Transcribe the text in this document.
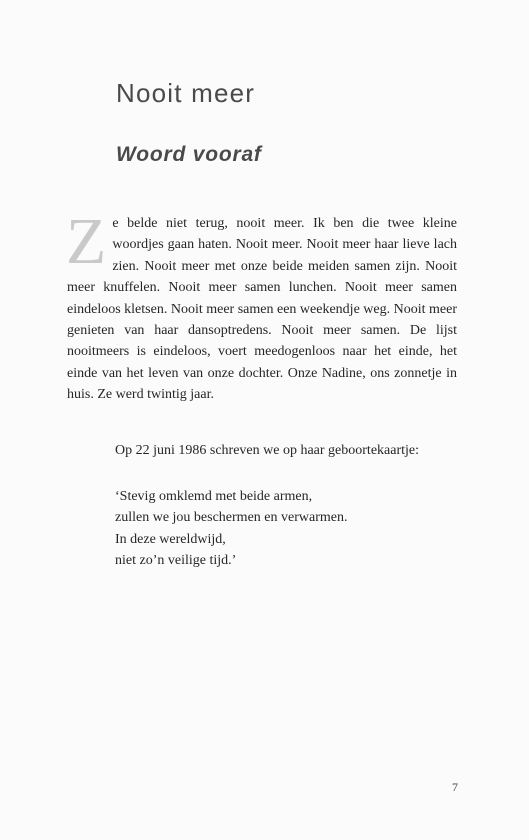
Nooit meer
Woord vooraf

Z e belde niet terug, nooit meer. Ik ben die twee kleine woordjes gaan haten. Nooit meer. Nooit meer haar lieve lach zien. Nooit meer met onze beide meiden samen zijn. Nooit meer knuffelen. Nooit meer samen lunchen. Nooit meer samen eindeloos kletsen. Nooit meer samen een weekendje weg. Nooit meer genieten van haar dansoptredens. Nooit meer samen. De lijst nooitmeers is eindeloos, voert meedogenloos naar het einde, het einde van het leven van onze dochter. Onze Nadine, ons zonnetje in huis. Ze werd twintig jaar.

Op 22 juni 1986 schreven we op haar geboortekaartje:

‘Stevig omklemd met beide armen,
zullen we jou beschermen en verwarmen.
In deze wereldwijd,
niet zo’n veilige tijd.’
7
